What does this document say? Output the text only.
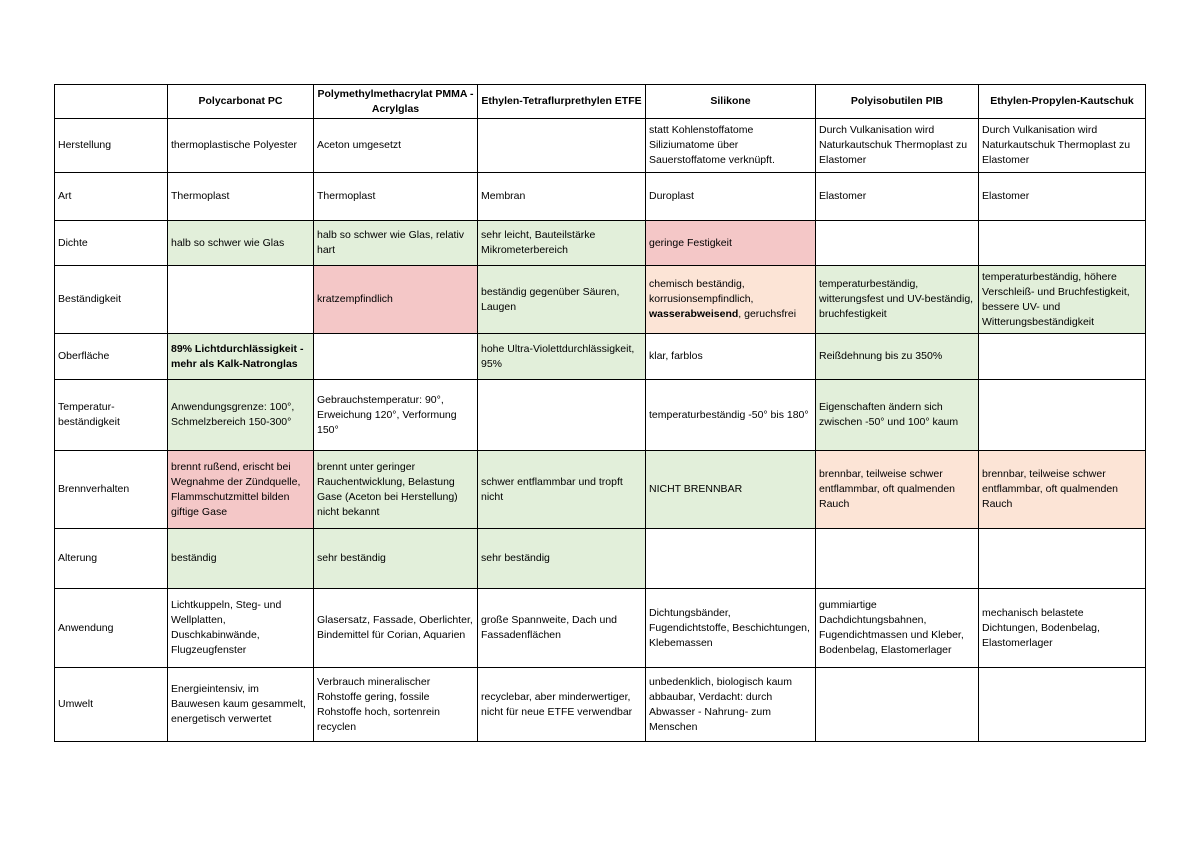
	Polycarbonat PC	Polymethylmethacrylat PMMA - Acrylglas	Ethylen-Tetraflurprethylen ETFE	Silikone	Polyisobutilen PIB	Ethylen-Propylen-Kautschuk
Herstellung	thermoplastische Polyester	Aceton umgesetzt		statt Kohlenstoffatome Siliziumatome über Sauerstoffatome verknüpft.	Durch Vulkanisation wird Naturkautschuk Thermoplast zu Elastomer	Durch Vulkanisation wird Naturkautschuk Thermoplast zu Elastomer
Art	Thermoplast	Thermoplast	Membran	Duroplast	Elastomer	Elastomer
Dichte	halb so schwer wie Glas	halb so schwer wie Glas, relativ hart	sehr leicht, Bauteilstärke Mikrometerbereich	geringe Festigkeit		
Beständigkeit		kratzempfindlich	beständig gegenüber Säuren, Laugen	chemisch beständig, korrusionsempfindlich, wasserabweisend, geruchsfrei	temperaturbeständig, witterungsfest und UV-beständig, bruchfestigkeit	temperaturbeständig, höhere Verschleiß- und Bruchfestigkeit, bessere UV- und Witterungsbeständigkeit
Oberfläche	89% Lichtdurchlässigkeit - mehr als Kalk-Natronglas		hohe Ultra-Violettdurchlässigkeit, 95%	klar, farblos	Reißdehnung bis zu 350%	
Temperatur-beständigkeit	Anwendungsgrenze: 100°, Schmelzbereich 150-300°	Gebrauchstemperatur: 90°, Erweichung 120°, Verformung 150°		temperaturbeständig -50° bis 180°	Eigenschaften ändern sich zwischen -50° und 100° kaum	
Brennverhalten	brennt rußend, erischt bei Wegnahme der Zündquelle, Flammschutzmittel bilden giftige Gase	brennt unter geringer Rauchentwicklung, Belastung Gase (Aceton bei Herstellung) nicht bekannt	schwer entflammbar und tropft nicht	NICHT BRENNBAR	brennbar, teilweise schwer entflammbar, oft qualmenden Rauch	brennbar, teilweise schwer entflammbar, oft qualmenden Rauch
Alterung	beständig	sehr beständig	sehr beständig			
Anwendung	Lichtkuppeln, Steg- und Wellplatten, Duschkabinwände, Flugzeugfenster	Glasersatz, Fassade, Oberlichter, Bindemittel für Corian, Aquarien	große Spannweite, Dach und Fassadenflächen	Dichtungsbänder, Fugendichtstoffe, Beschichtungen, Klebemassen	gummiartige Dachdichtungsbahnen, Fugendichtmassen und Kleber, Bodenbelag, Elastomerlager	mechanisch belastete Dichtungen, Bodenbelag, Elastomerlager
Umwelt	Energieintensiv, im Bauwesen kaum gesammelt, energetisch verwertet	Verbrauch mineralischer Rohstoffe gering, fossile Rohstoffe hoch, sortenrein recyclen	recyclebar, aber minderwertiger, nicht für neue ETFE verwendbar	unbedenklich, biologisch kaum abbaubar, Verdacht: durch Abwasser - Nahrung- zum Menschen		
